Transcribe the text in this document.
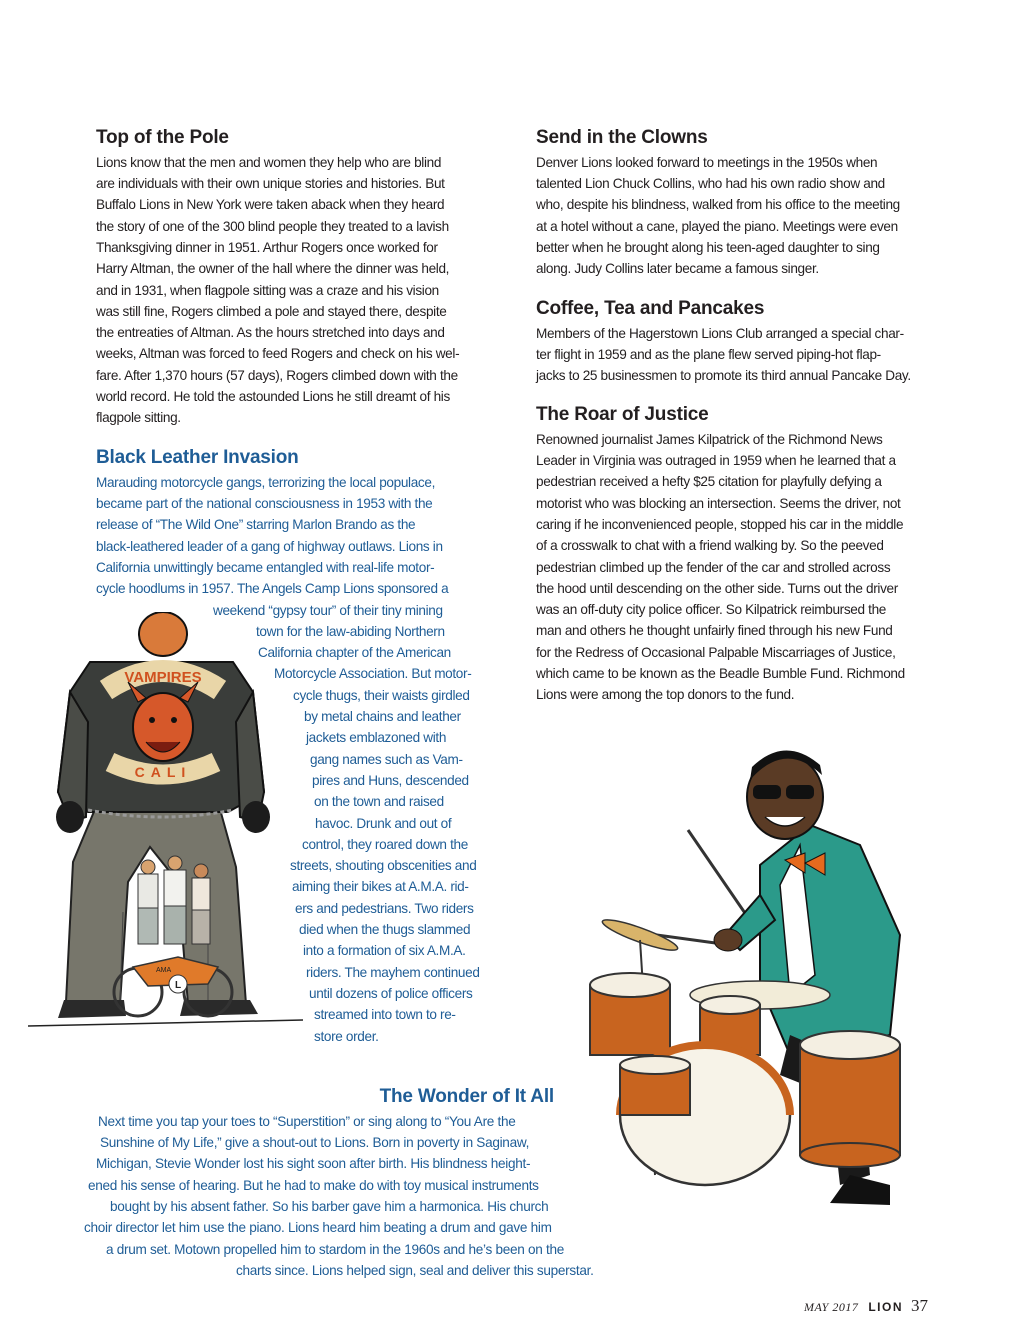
VAMPIRES
CALI
AMA
L
Top of the Pole
Lions know that the men and women they help who are blind
are individuals with their own unique stories and histories. But
Buffalo Lions in New York were taken aback when they heard
the story of one of the 300 blind people they treated to a lavish
Thanksgiving dinner in 1951. Arthur Rogers once worked for
Harry Altman, the owner of the hall where the dinner was held,
and in 1931, when flagpole sitting was a craze and his vision
was still fine, Rogers climbed a pole and stayed there, despite
the entreaties of Altman. As the hours stretched into days and
weeks, Altman was forced to feed Rogers and check on his wel-
fare. After 1,370 hours (57 days), Rogers climbed down with the
world record. He told the astounded Lions he still dreamt of his
flagpole sitting.
Black Leather Invasion
Marauding motorcycle gangs, terrorizing the local populace,
became part of the national consciousness in 1953 with the
release of “The Wild One” starring Marlon Brando as the
black-leathered leader of a gang of highway outlaws. Lions in
California unwittingly became entangled with real-life motor-
cycle hoodlums in 1957. The Angels Camp Lions sponsored a
weekend “gypsy tour” of their tiny mining
town for the law-abiding Northern
California chapter of the American
Motorcycle Association. But motor-
cycle thugs, their waists girdled
by metal chains and leather
jackets emblazoned with
gang names such as Vam-
pires and Huns, descended
on the town and raised
havoc. Drunk and out of
control, they roared down the
streets, shouting obscenities and
aiming their bikes at A.M.A. rid-
ers and pedestrians. Two riders
died when the thugs slammed
into a formation of six A.M.A.
riders. The mayhem continued
until dozens of police officers
streamed into town to re-
store order.
Send in the Clowns
Denver Lions looked forward to meetings in the 1950s when
talented Lion Chuck Collins, who had his own radio show and
who, despite his blindness, walked from his office to the meeting
at a hotel without a cane, played the piano. Meetings were even
better when he brought along his teen-aged daughter to sing
along. Judy Collins later became a famous singer.
Coffee, Tea and Pancakes
Members of the Hagerstown Lions Club arranged a special char-
ter flight in 1959 and as the plane flew served piping-hot flap-
jacks to 25 businessmen to promote its third annual Pancake Day.
The Roar of Justice
Renowned journalist James Kilpatrick of the Richmond News
Leader in Virginia was outraged in 1959 when he learned that a
pedestrian received a hefty $25 citation for playfully defying a
motorist who was blocking an intersection. Seems the driver, not
caring if he inconvenienced people, stopped his car in the middle
of a crosswalk to chat with a friend walking by. So the peeved
pedestrian climbed up the fender of the car and strolled across
the hood until descending on the other side. Turns out the driver
was an off-duty city police officer. So Kilpatrick reimbursed the
man and others he thought unfairly fined through his new Fund
for the Redress of Occasional Palpable Miscarriages of Justice,
which came to be known as the Beadle Bumble Fund. Richmond
Lions were among the top donors to the fund.
The Wonder of It All
Next time you tap your toes to “Superstition” or sing along to “You Are the
Sunshine of My Life,” give a shout-out to Lions. Born in poverty in Saginaw,
Michigan, Stevie Wonder lost his sight soon after birth. His blindness height-
ened his sense of hearing. But he had to make do with toy musical instruments
bought by his absent father. So his barber gave him a harmonica. His church
choir director let him use the piano. Lions heard him beating a drum and gave him
a drum set. Motown propelled him to stardom in the 1960s and he’s been on the
charts since. Lions helped sign, seal and deliver this superstar.
MAY 2017 LION 37
